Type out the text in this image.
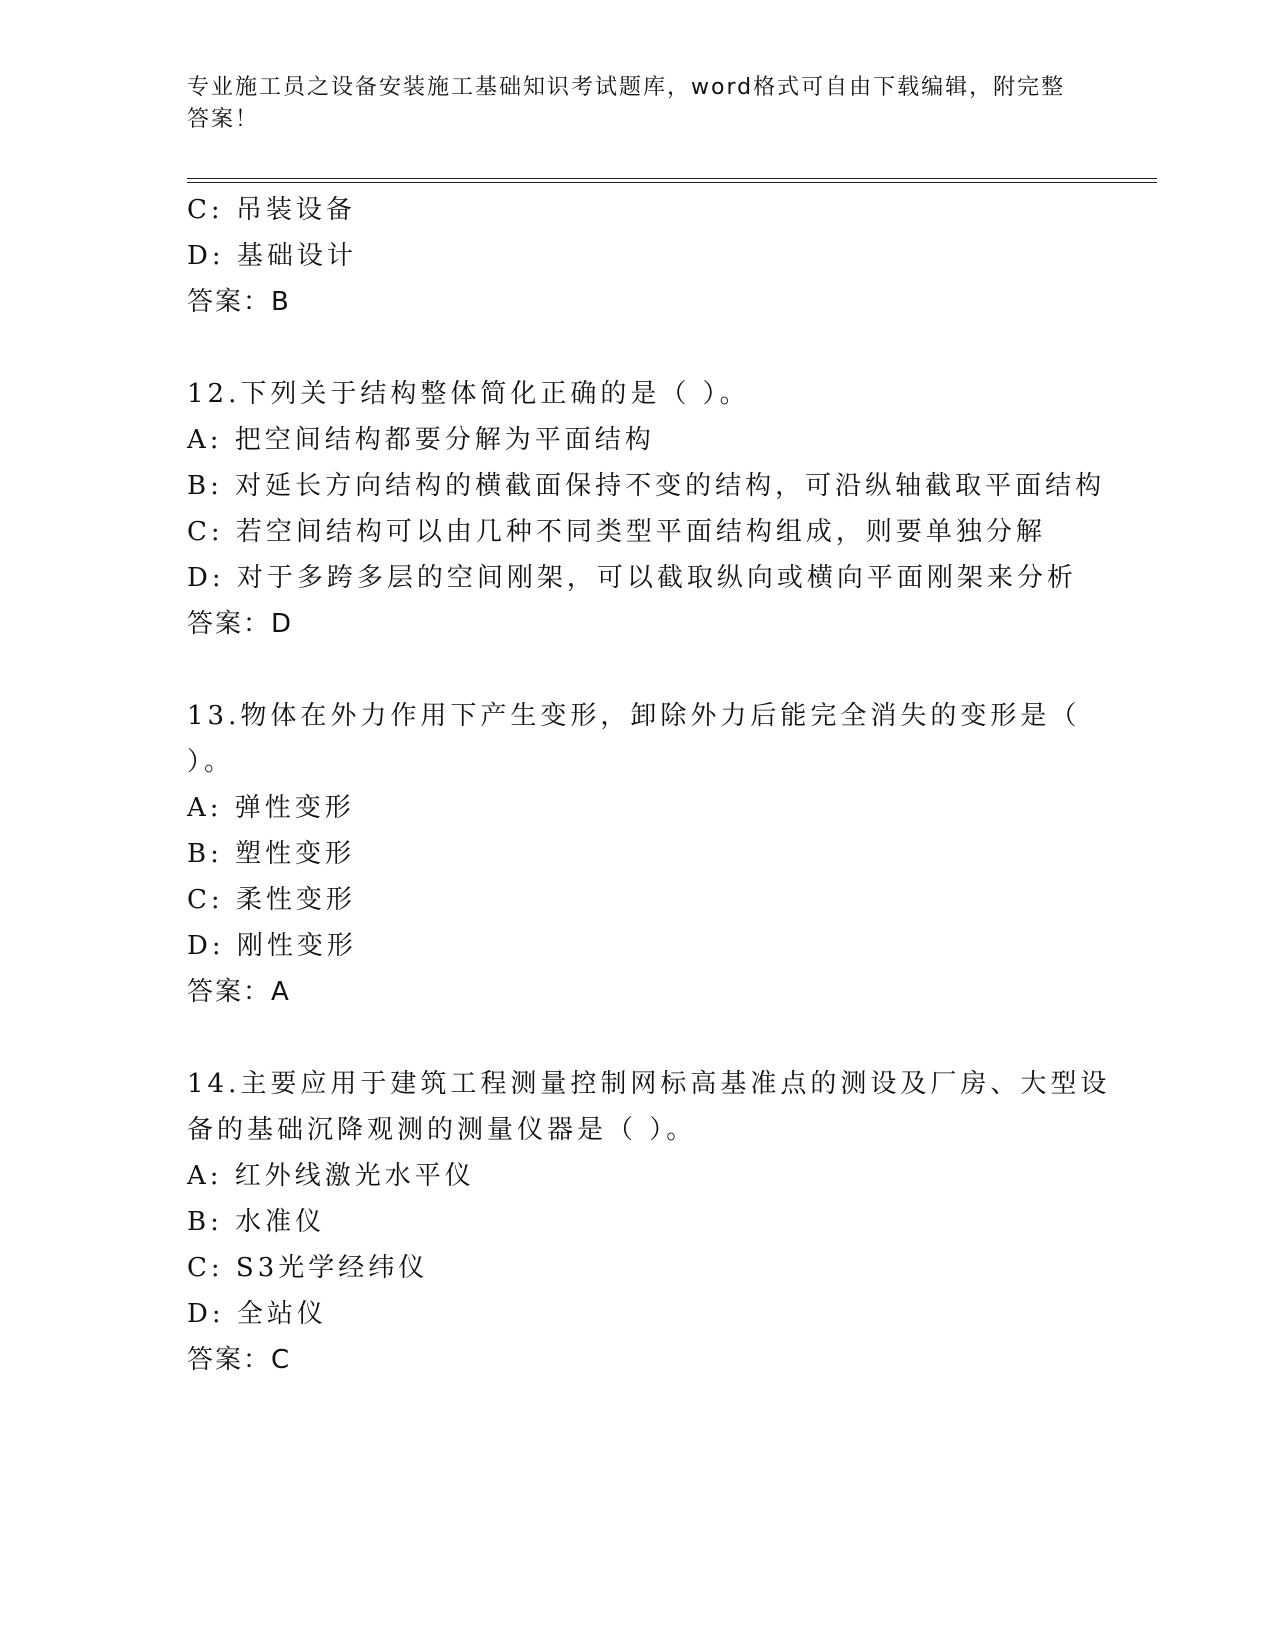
专业施工员之设备安装施工基础知识考试题库，word格式可自由下载编辑，附完整答案！
C: 吊装设备
D: 基础设计
答案：B
12.下列关于结构整体简化正确的是（ ）。
A: 把空间结构都要分解为平面结构
B: 对延长方向结构的横截面保持不变的结构，可沿纵轴截取平面结构
C: 若空间结构可以由几种不同类型平面结构组成，则要单独分解
D: 对于多跨多层的空间刚架，可以截取纵向或横向平面刚架来分析
答案：D
13.物体在外力作用下产生变形，卸除外力后能完全消失的变形是（
）。
A: 弹性变形
B: 塑性变形
C: 柔性变形
D: 刚性变形
答案：A
14.主要应用于建筑工程测量控制网标高基准点的测设及厂房、大型设
备的基础沉降观测的测量仪器是（ ）。
A: 红外线激光水平仪
B: 水准仪
C: S3光学经纬仪
D: 全站仪
答案：C
